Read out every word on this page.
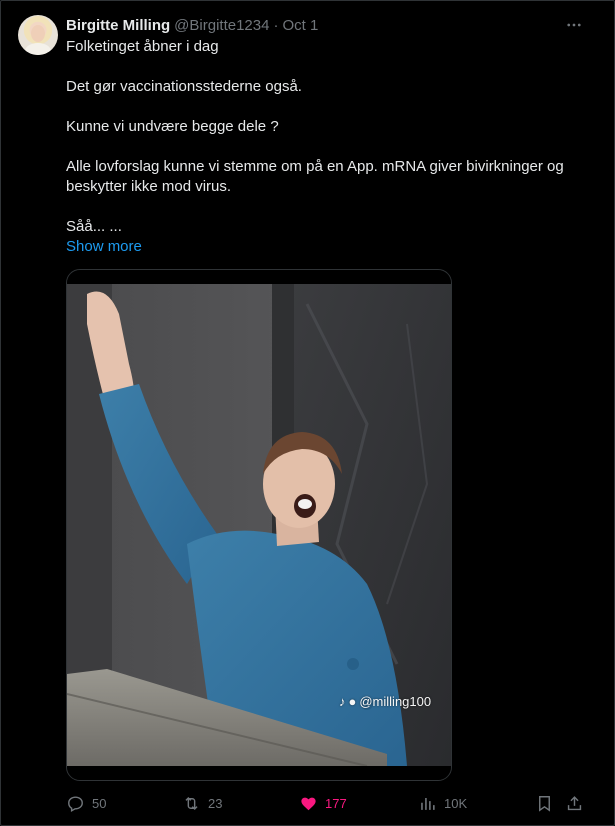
Birgitte Milling @Birgitte1234 · Oct 1

Folketinget åbner i dag

Det gør vaccinationsstederne også.

Kunne vi undvære begge dele ?

Alle lovforslag kunne vi stemme om på en App. mRNA giver bivirkninger og beskytter ikke mod virus.

Såå... ...

Show more
♪ ● @milling100
50	23	177	10K
